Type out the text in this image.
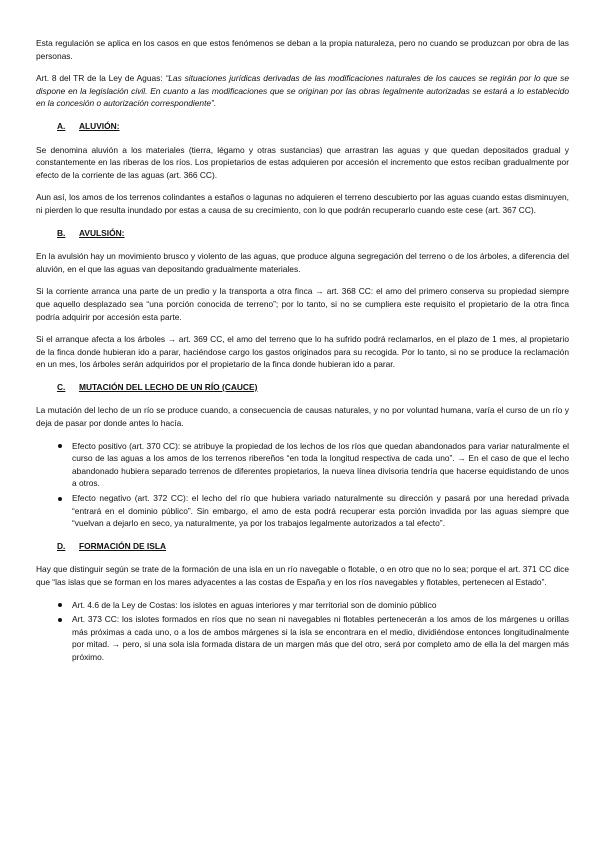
Esta regulación se aplica en los casos en que estos fenómenos se deban a la propia naturaleza, pero no cuando se produzcan por obra de las personas.

Art. 8 del TR de la Ley de Aguas: “Las situaciones jurídicas derivadas de las modificaciones naturales de los cauces se regirán por lo que se dispone en la legislación civil. En cuanto a las modificaciones que se originan por las obras legalmente autorizadas se estará a lo establecido en la concesión o autorización correspondiente”.

A.	ALUVIÓN:

Se denomina aluvión a los materiales (tierra, légamo y otras sustancias) que arrastran las aguas y que quedan depositados gradual y constantemente en las riberas de los ríos. Los propietarios de estas adquieren por accesión el incremento que estos reciban gradualmente por efecto de la corriente de las aguas (art. 366 CC).

Aun así, los amos de los terrenos colindantes a estaños o lagunas no adquieren el terreno descubierto por las aguas cuando estas disminuyen, ni pierden lo que resulta inundado por estas a causa de su crecimiento, con lo que podrán recuperarlo cuando este cese (art. 367 CC).

B.	AVULSIÓN:

En la avulsión hay un movimiento brusco y violento de las aguas, que produce alguna segregación del terreno o de los árboles, a diferencia del aluvión, en el que las aguas van depositando gradualmente materiales.

Si la corriente arranca una parte de un predio y la transporta a otra finca → art. 368 CC: el amo del primero conserva su propiedad siempre que aquello desplazado sea “una porción conocida de terreno”; por lo tanto, si no se cumpliera este requisito el propietario de la otra finca podría adquirir por accesión esta parte.

Si el arranque afecta a los árboles → art. 369 CC, el amo del terreno que lo ha sufrido podrá reclamarlos, en el plazo de 1 mes, al propietario de la finca donde hubieran ido a parar, haciéndose cargo los gastos originados para su recogida. Por lo tanto, si no se produce la reclamación en un mes, los árboles serán adquiridos por el propietario de la finca donde hubieran ido a parar.

C.	MUTACIÓN DEL LECHO DE UN RÍO (CAUCE)

La mutación del lecho de un río se produce cuando, a consecuencia de causas naturales, y no por voluntad humana, varía el curso de un río y deja de pasar por donde antes lo hacía.

Efecto positivo (art. 370 CC): se atribuye la propiedad de los lechos de los ríos que quedan abandonados para variar naturalmente el curso de las aguas a los amos de los terrenos ribereños “en toda la longitud respectiva de cada uno”. → En el caso de que el lecho abandonado hubiera separado terrenos de diferentes propietarios, la nueva línea divisoria tendría que hacerse equidistando de unos a otros.
Efecto negativo (art. 372 CC): el lecho del río que hubiera variado naturalmente su dirección y pasará por una heredad privada “entrará en el dominio público”. Sin embargo, el amo de esta podrá recuperar esta porción invadida por las aguas siempre que “vuelvan a dejarlo en seco, ya naturalmente, ya por los trabajos legalmente autorizados a tal efecto”.
D.	FORMACIÓN DE ISLA

Hay que distinguir según se trate de la formación de una isla en un río navegable o flotable, o en otro que no lo sea; porque el art. 371 CC dice que “las islas que se forman en los mares adyacentes a las costas de España y en los ríos navegables y flotables, pertenecen al Estado”.

Art. 4.6 de la Ley de Costas: los islotes en aguas interiores y mar territorial son de dominio público
Art. 373 CC: los islotes formados en ríos que no sean ni navegables ni flotables pertenecerán a los amos de los márgenes u orillas más próximas a cada uno, o a los de ambos márgenes si la isla se encontrara en el medio, dividiéndose entonces longitudinalmente por mitad. → pero, si una sola isla formada distara de un margen más que del otro, será por completo amo de ella la del margen más próximo.
